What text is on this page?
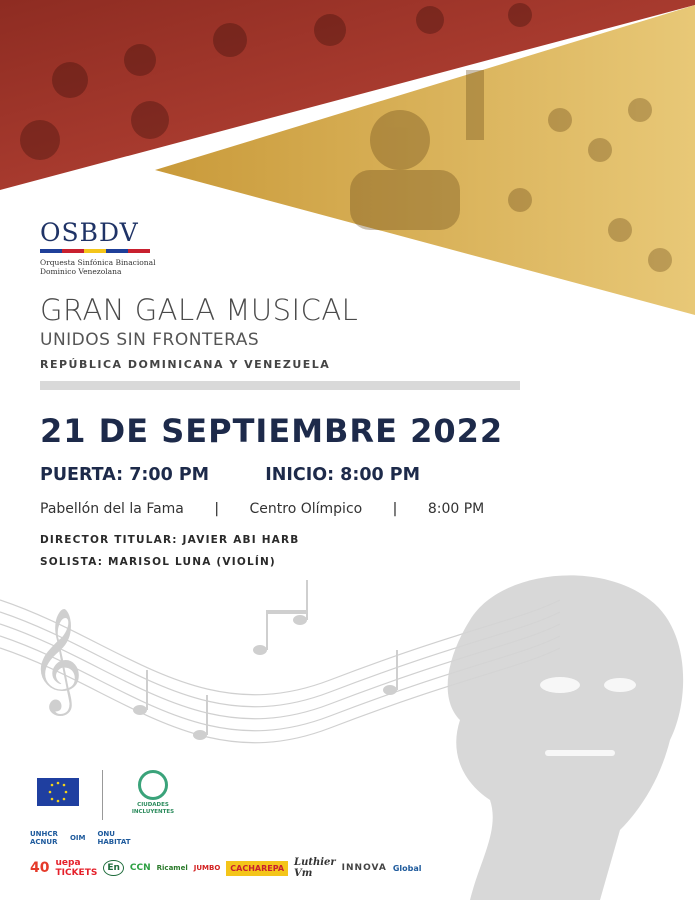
OSBDV
Orquesta Sinfónica Binacional
Dominico Venezolana
GRAN GALA MUSICAL
UNIDOS SIN FRONTERAS
REPÚBLICA DOMINICANA Y VENEZUELA
21 DE SEPTIEMBRE 2022
PUERTA: 7:00 PM	INICIO: 8:00 PM
Pabellón del la Fama | Centro Olímpico | 8:00 PM
DIRECTOR TITULAR: JAVIER ABI HARB
SOLISTA: MARISOL LUNA (VIOLÍN)
𝄞
CIUDADES INCLUYENTES
UNHCR ACNUR OIM ONU HABITAT
40 uepa TICKETS	En	CCN Ricamel JUMBO	CACHAREPA	Luthier Vm	INNOVA Global
